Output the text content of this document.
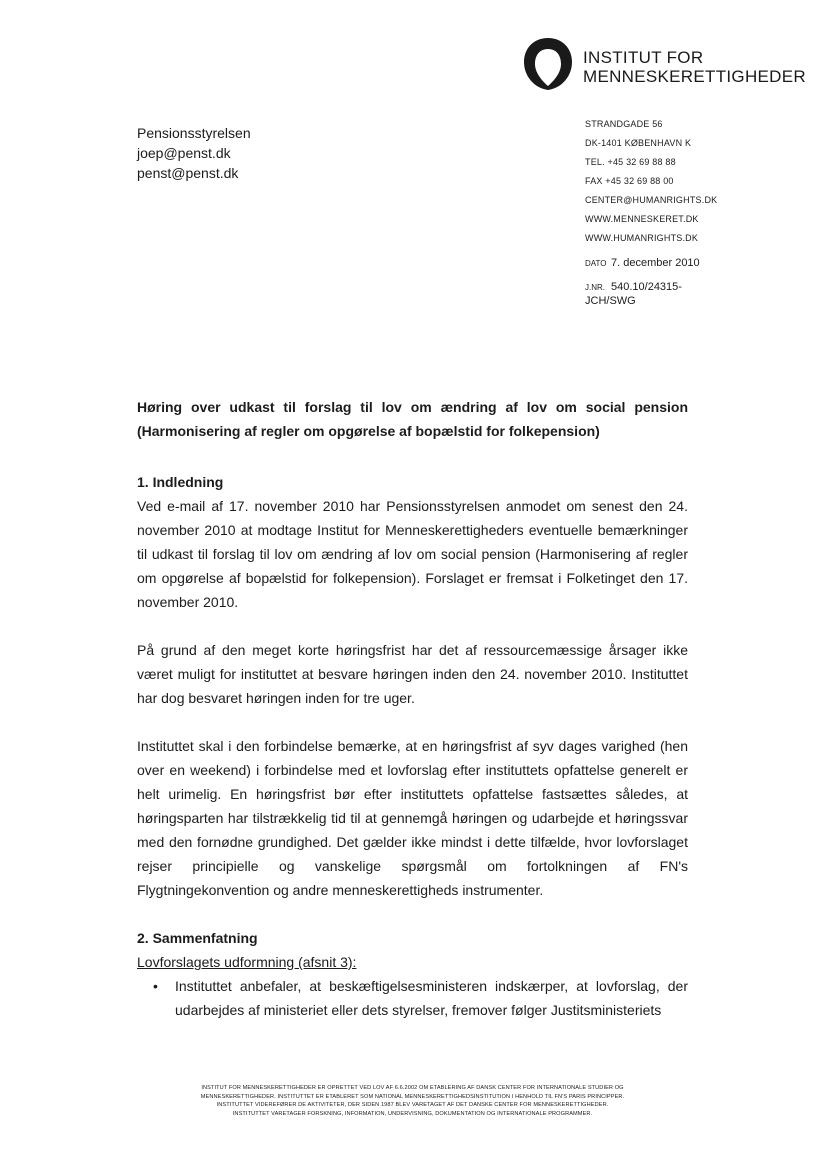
INSTITUT FOR
MENNESKERETTIGHEDER
Pensionsstyrelsen
joep@penst.dk
penst@penst.dk
STRANDGADE 56
DK-1401 KØBENHAVN K
TEL. +45 32 69 88 88
FAX +45 32 69 88 00
CENTER@HUMANRIGHTS.DK
WWW.MENNESKERET.DK
WWW.HUMANRIGHTS.DK
DATO 7. december 2010
J.NR. 540.10/24315-
JCH/SWG
Høring over udkast til forslag til lov om ændring af lov om social pension
(Harmonisering af regler om opgørelse af bopælstid for folkepension)
1. Indledning

Ved e-mail af 17. november 2010 har Pensionsstyrelsen anmodet om senest den 24. november 2010 at modtage Institut for Menneskerettigheders eventuelle bemærkninger til udkast til forslag til lov om ændring af lov om social pension (Harmonisering af regler om opgørelse af bopælstid for folkepension). Forslaget er fremsat i Folketinget den 17. november 2010.

På grund af den meget korte høringsfrist har det af ressourcemæssige årsager ikke været muligt for instituttet at besvare høringen inden den 24. november 2010. Instituttet har dog besvaret høringen inden for tre uger.

Instituttet skal i den forbindelse bemærke, at en høringsfrist af syv dages varighed (hen over en weekend) i forbindelse med et lovforslag efter instituttets opfattelse generelt er helt urimelig. En høringsfrist bør efter instituttets opfattelse fastsættes således, at høringsparten har tilstrækkelig tid til at gennemgå høringen og udarbejde et høringssvar med den fornødne grundighed. Det gælder ikke mindst i dette tilfælde, hvor lovforslaget rejser principielle og vanskelige spørgsmål om fortolkningen af FN's Flygtningekonvention og andre menneskerettigheds instrumenter.

2. Sammenfatning
Lovforslagets udformning (afsnit 3):
• Instituttet anbefaler, at beskæftigelsesministeren indskærper, at lovforslag, der udarbejdes af ministeriet eller dets styrelser, fremover følger Justitsministeriets
INSTITUT FOR MENNESKERETTIGHEDER ER OPRETTET VED LOV AF 6.6.2002 OM ETABLERING AF DANSK CENTER FOR INTERNATIONALE STUDIER OG
MENNESKERETTIGHEDER. INSTITUTTET ER ETABLERET SOM NATIONAL MENNESKERETTIGHEDSINSTITUTION I HENHOLD TIL FN'S PARIS PRINCIPPER.
INSTITUTTET VIDEREFØRER DE AKTIVITETER, DER SIDEN 1987 BLEV VARETAGET AF DET DANSKE CENTER FOR MENNESKERETTIGHEDER.
INSTITUTTET VARETAGER FORSKNING, INFORMATION, UNDERVISNING, DOKUMENTATION OG INTERNATIONALE PROGRAMMER.
